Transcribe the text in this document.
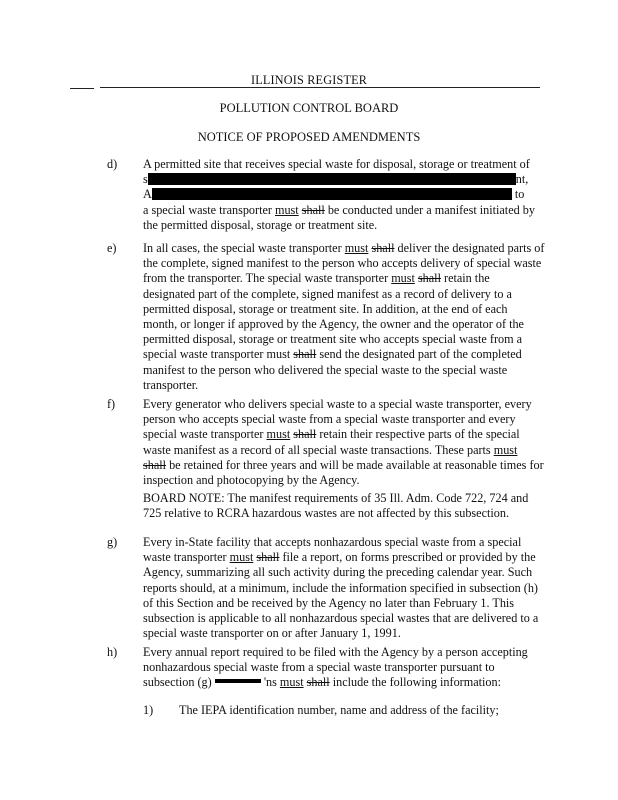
ILLINOIS REGISTER
POLLUTION CONTROL BOARD
NOTICE OF PROPOSED AMENDMENTS
d) A permitted site that receives special waste for disposal, storage or treatment of
s	nt,
A	to
a special waste transporter must shall be conducted under a manifest initiated by
the permitted disposal, storage or treatment site.
e) In all cases, the special waste transporter must shall deliver the designated parts of
the complete, signed manifest to the person who accepts delivery of special waste
from the transporter. The special waste transporter must shall retain the
designated part of the complete, signed manifest as a record of delivery to a
permitted disposal, storage or treatment site. In addition, at the end of each
month, or longer if approved by the Agency, the owner and the operator of the
permitted disposal, storage or treatment site who accepts special waste from a
special waste transporter must shall send the designated part of the completed
manifest to the person who delivered the special waste to the special waste
transporter.
f) Every generator who delivers special waste to a special waste transporter, every
person who accepts special waste from a special waste transporter and every
special waste transporter must shall retain their respective parts of the special
waste manifest as a record of all special waste transactions. These parts must
shall be retained for three years and will be made available at reasonable times for
inspection and photocopying by the Agency.
BOARD NOTE: The manifest requirements of 35 Ill. Adm. Code 722, 724 and
725 relative to RCRA hazardous wastes are not affected by this subsection.
g) Every in-State facility that accepts nonhazardous special waste from a special
waste transporter must shall file a report, on forms prescribed or provided by the
Agency, summarizing all such activity during the preceding calendar year. Such
reports should, at a minimum, include the information specified in subsection (h)
of this Section and be received by the Agency no later than February 1. This
subsection is applicable to all nonhazardous special wastes that are delivered to a
special waste transporter on or after January 1, 1991.
h) Every annual report required to be filed with the Agency by a person accepting
nonhazardous special waste from a special waste transporter pursuant to
subsection (g)	'ns must shall include the following information:
1) The IEPA identification number, name and address of the facility;
